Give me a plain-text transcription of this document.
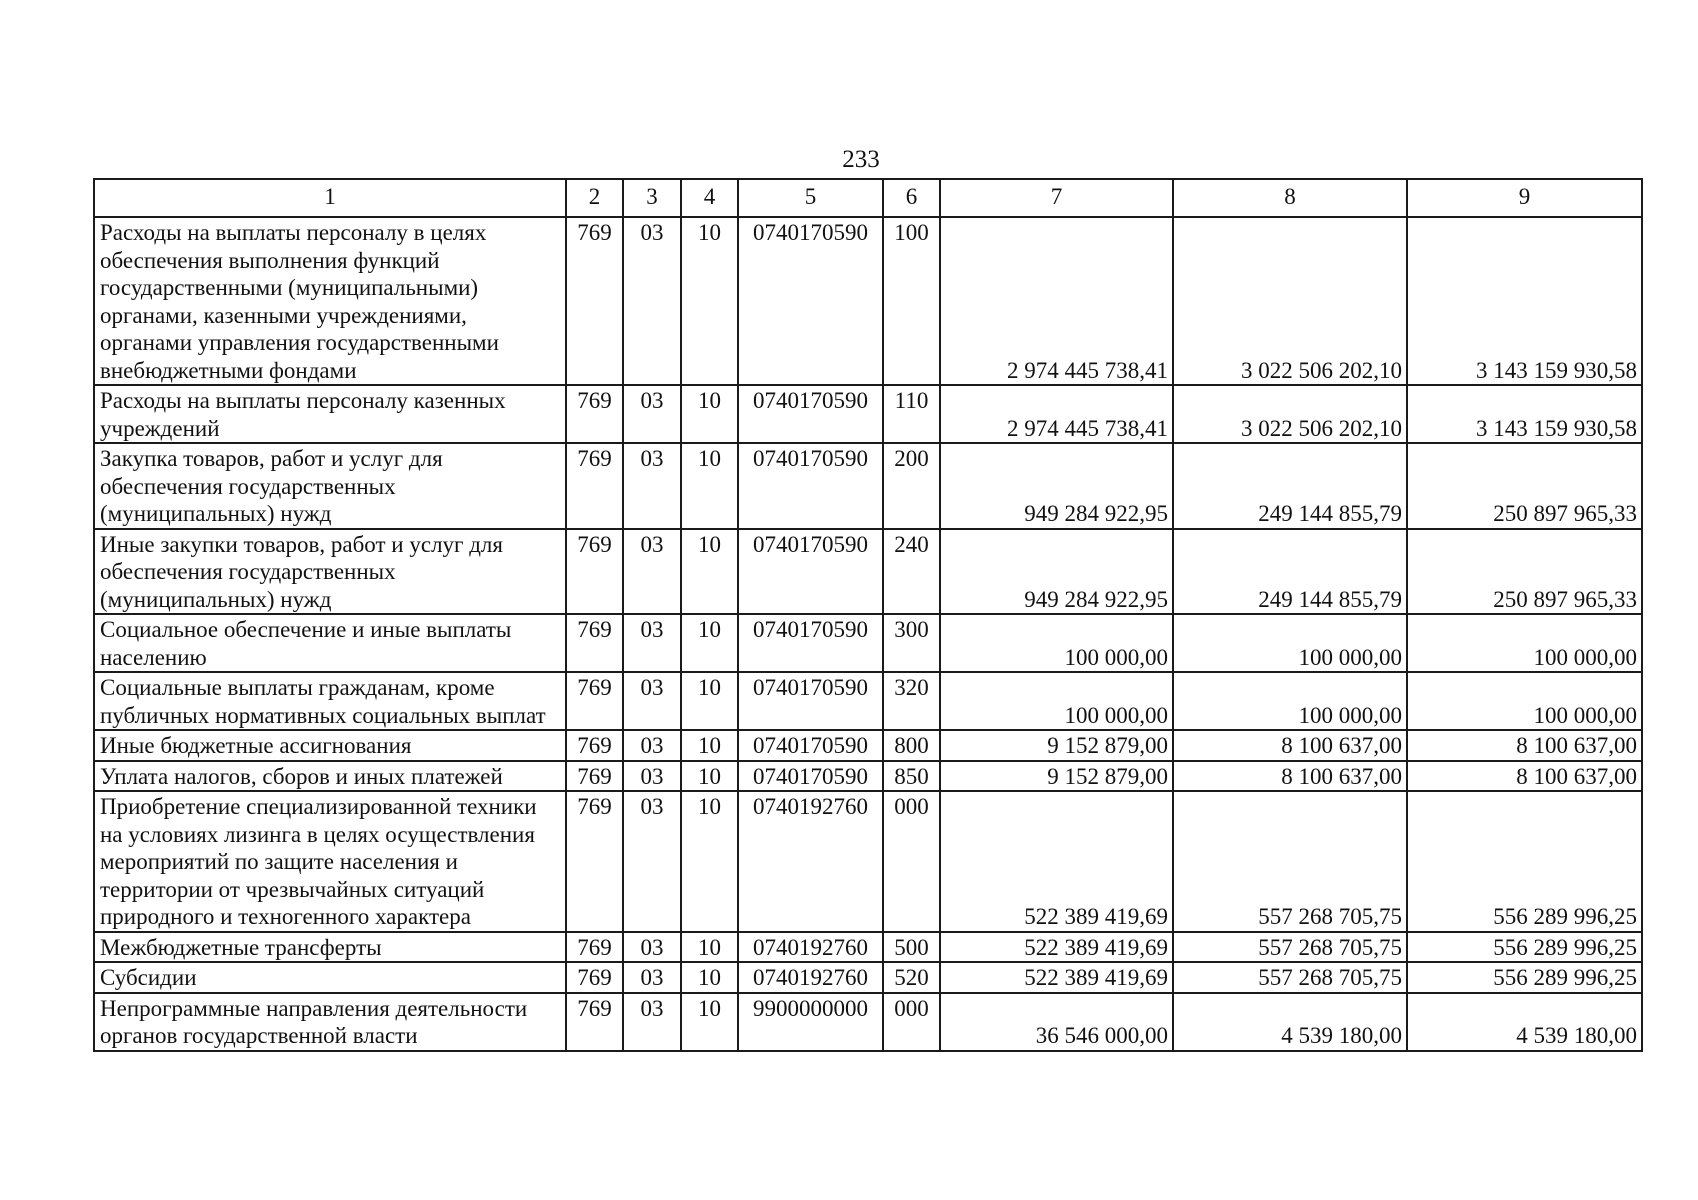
233
1	2	3	4	5	6	7	8	9
Расходы на выплаты персоналу в целях обеспечения выполнения функций государственными (муниципальными) органами, казенными учреждениями, органами управления государственными внебюджетными фондами	769	03	10	0740170590	100	2 974 445 738,41	3 022 506 202,10	3 143 159 930,58
Расходы на выплаты персоналу казенных учреждений	769	03	10	0740170590	110	2 974 445 738,41	3 022 506 202,10	3 143 159 930,58
Закупка товаров, работ и услуг для обеспечения государственных (муниципальных) нужд	769	03	10	0740170590	200	949 284 922,95	249 144 855,79	250 897 965,33
Иные закупки товаров, работ и услуг для обеспечения государственных (муниципальных) нужд	769	03	10	0740170590	240	949 284 922,95	249 144 855,79	250 897 965,33
Социальное обеспечение и иные выплаты населению	769	03	10	0740170590	300	100 000,00	100 000,00	100 000,00
Социальные выплаты гражданам, кроме публичных нормативных социальных выплат	769	03	10	0740170590	320	100 000,00	100 000,00	100 000,00
Иные бюджетные ассигнования	769	03	10	0740170590	800	9 152 879,00	8 100 637,00	8 100 637,00
Уплата налогов, сборов и иных платежей	769	03	10	0740170590	850	9 152 879,00	8 100 637,00	8 100 637,00
Приобретение специализированной техники на условиях лизинга в целях осуществления мероприятий по защите населения и территории от чрезвычайных ситуаций природного и техногенного характера	769	03	10	0740192760	000	522 389 419,69	557 268 705,75	556 289 996,25
Межбюджетные трансферты	769	03	10	0740192760	500	522 389 419,69	557 268 705,75	556 289 996,25
Субсидии	769	03	10	0740192760	520	522 389 419,69	557 268 705,75	556 289 996,25
Непрограммные направления деятельности органов государственной власти	769	03	10	9900000000	000	36 546 000,00	4 539 180,00	4 539 180,00
